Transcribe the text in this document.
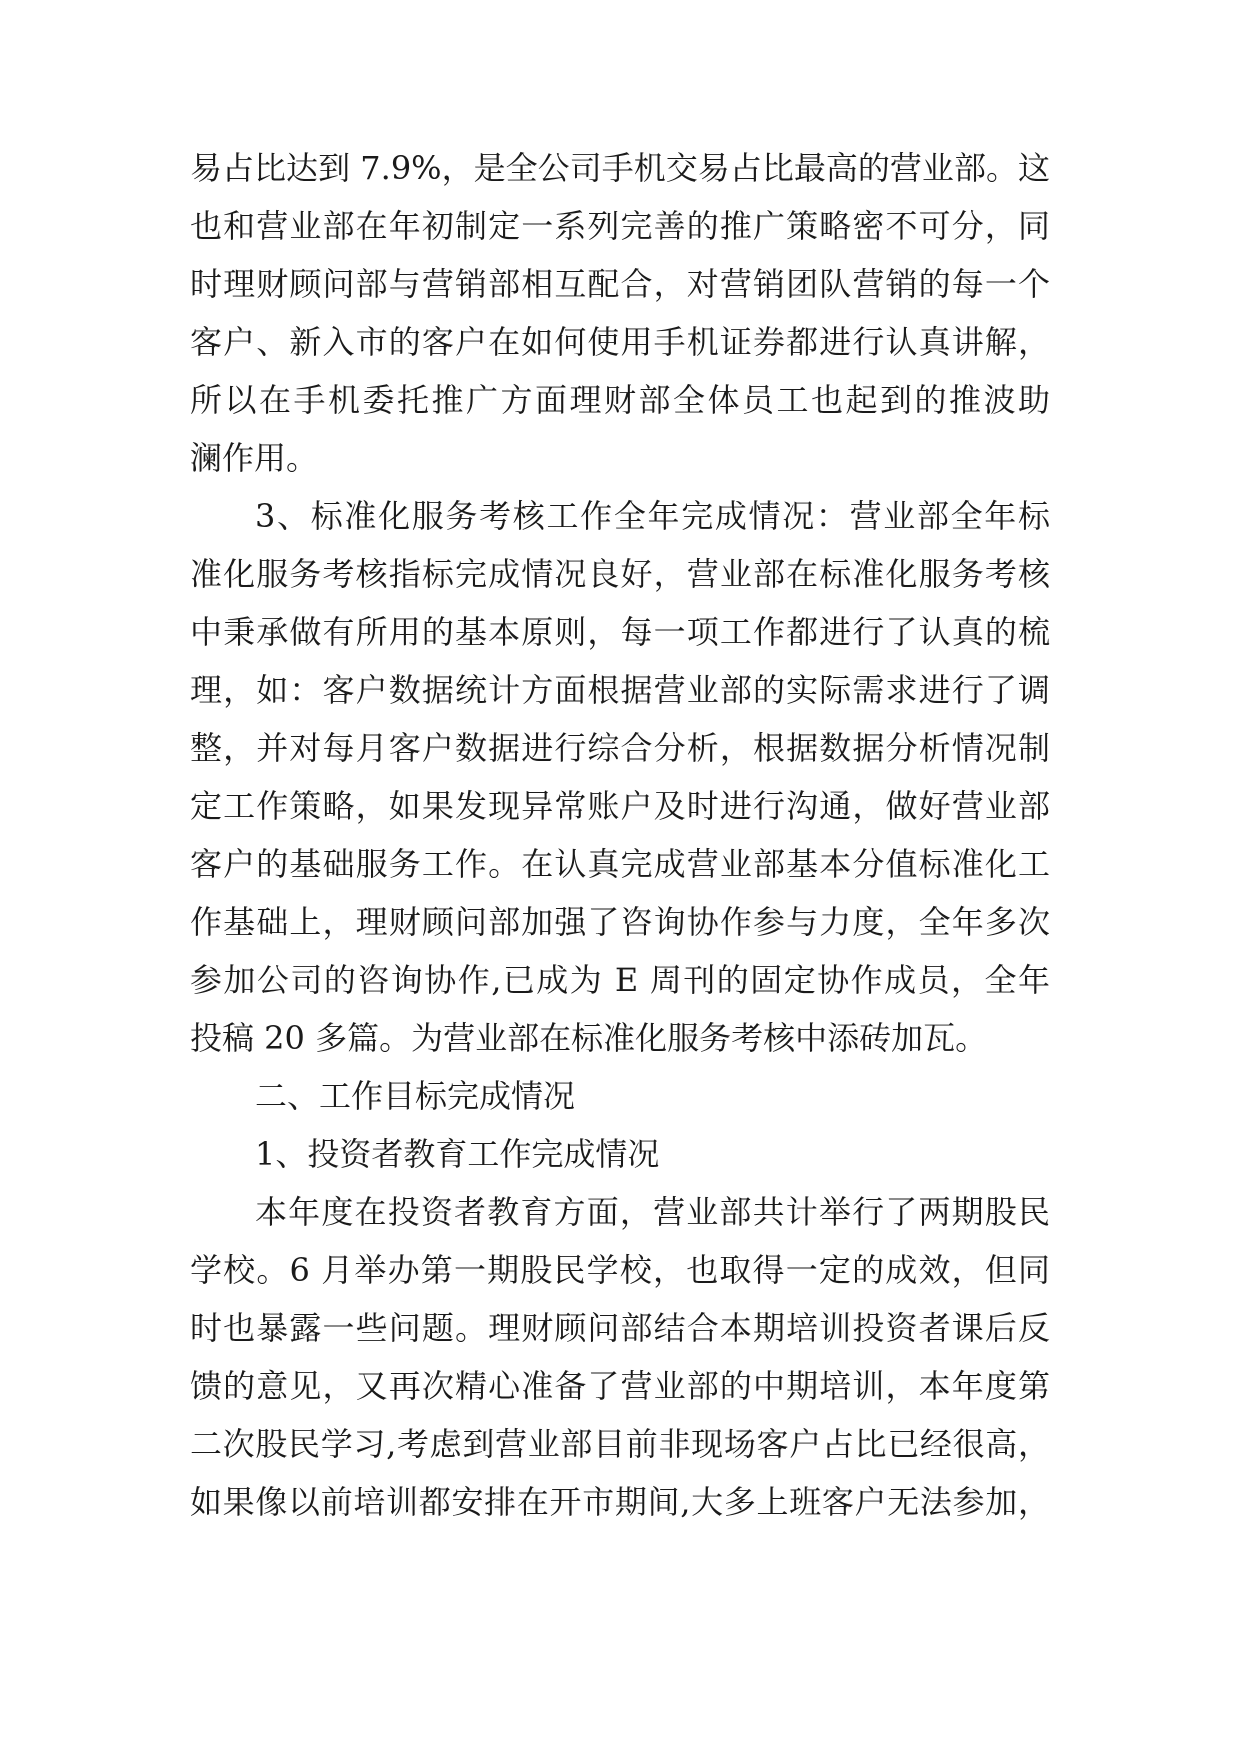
易占比达到 7.9%，是全公司手机交易占比最高的营业部。这
也和营业部在年初制定一系列完善的推广策略密不可分，同
时理财顾问部与营销部相互配合，对营销团队营销的每一个
客户、新入市的客户在如何使用手机证券都进行认真讲解，
所以在手机委托推广方面理财部全体员工也起到的推波助
澜作用。
3、标准化服务考核工作全年完成情况：营业部全年标
准化服务考核指标完成情况良好，营业部在标准化服务考核
中秉承做有所用的基本原则，每一项工作都进行了认真的梳
理，如：客户数据统计方面根据营业部的实际需求进行了调
整，并对每月客户数据进行综合分析，根据数据分析情况制
定工作策略，如果发现异常账户及时进行沟通，做好营业部
客户的基础服务工作。在认真完成营业部基本分值标准化工
作基础上，理财顾问部加强了咨询协作参与力度，全年多次
参加公司的咨询协作,已成为 E 周刊的固定协作成员，全年
投稿 20 多篇。为营业部在标准化服务考核中添砖加瓦。
二、工作目标完成情况
1、投资者教育工作完成情况
本年度在投资者教育方面，营业部共计举行了两期股民
学校。6 月举办第一期股民学校，也取得一定的成效，但同
时也暴露一些问题。理财顾问部结合本期培训投资者课后反
馈的意见，又再次精心准备了营业部的中期培训，本年度第
二次股民学习,考虑到营业部目前非现场客户占比已经很高，
如果像以前培训都安排在开市期间,大多上班客户无法参加，
